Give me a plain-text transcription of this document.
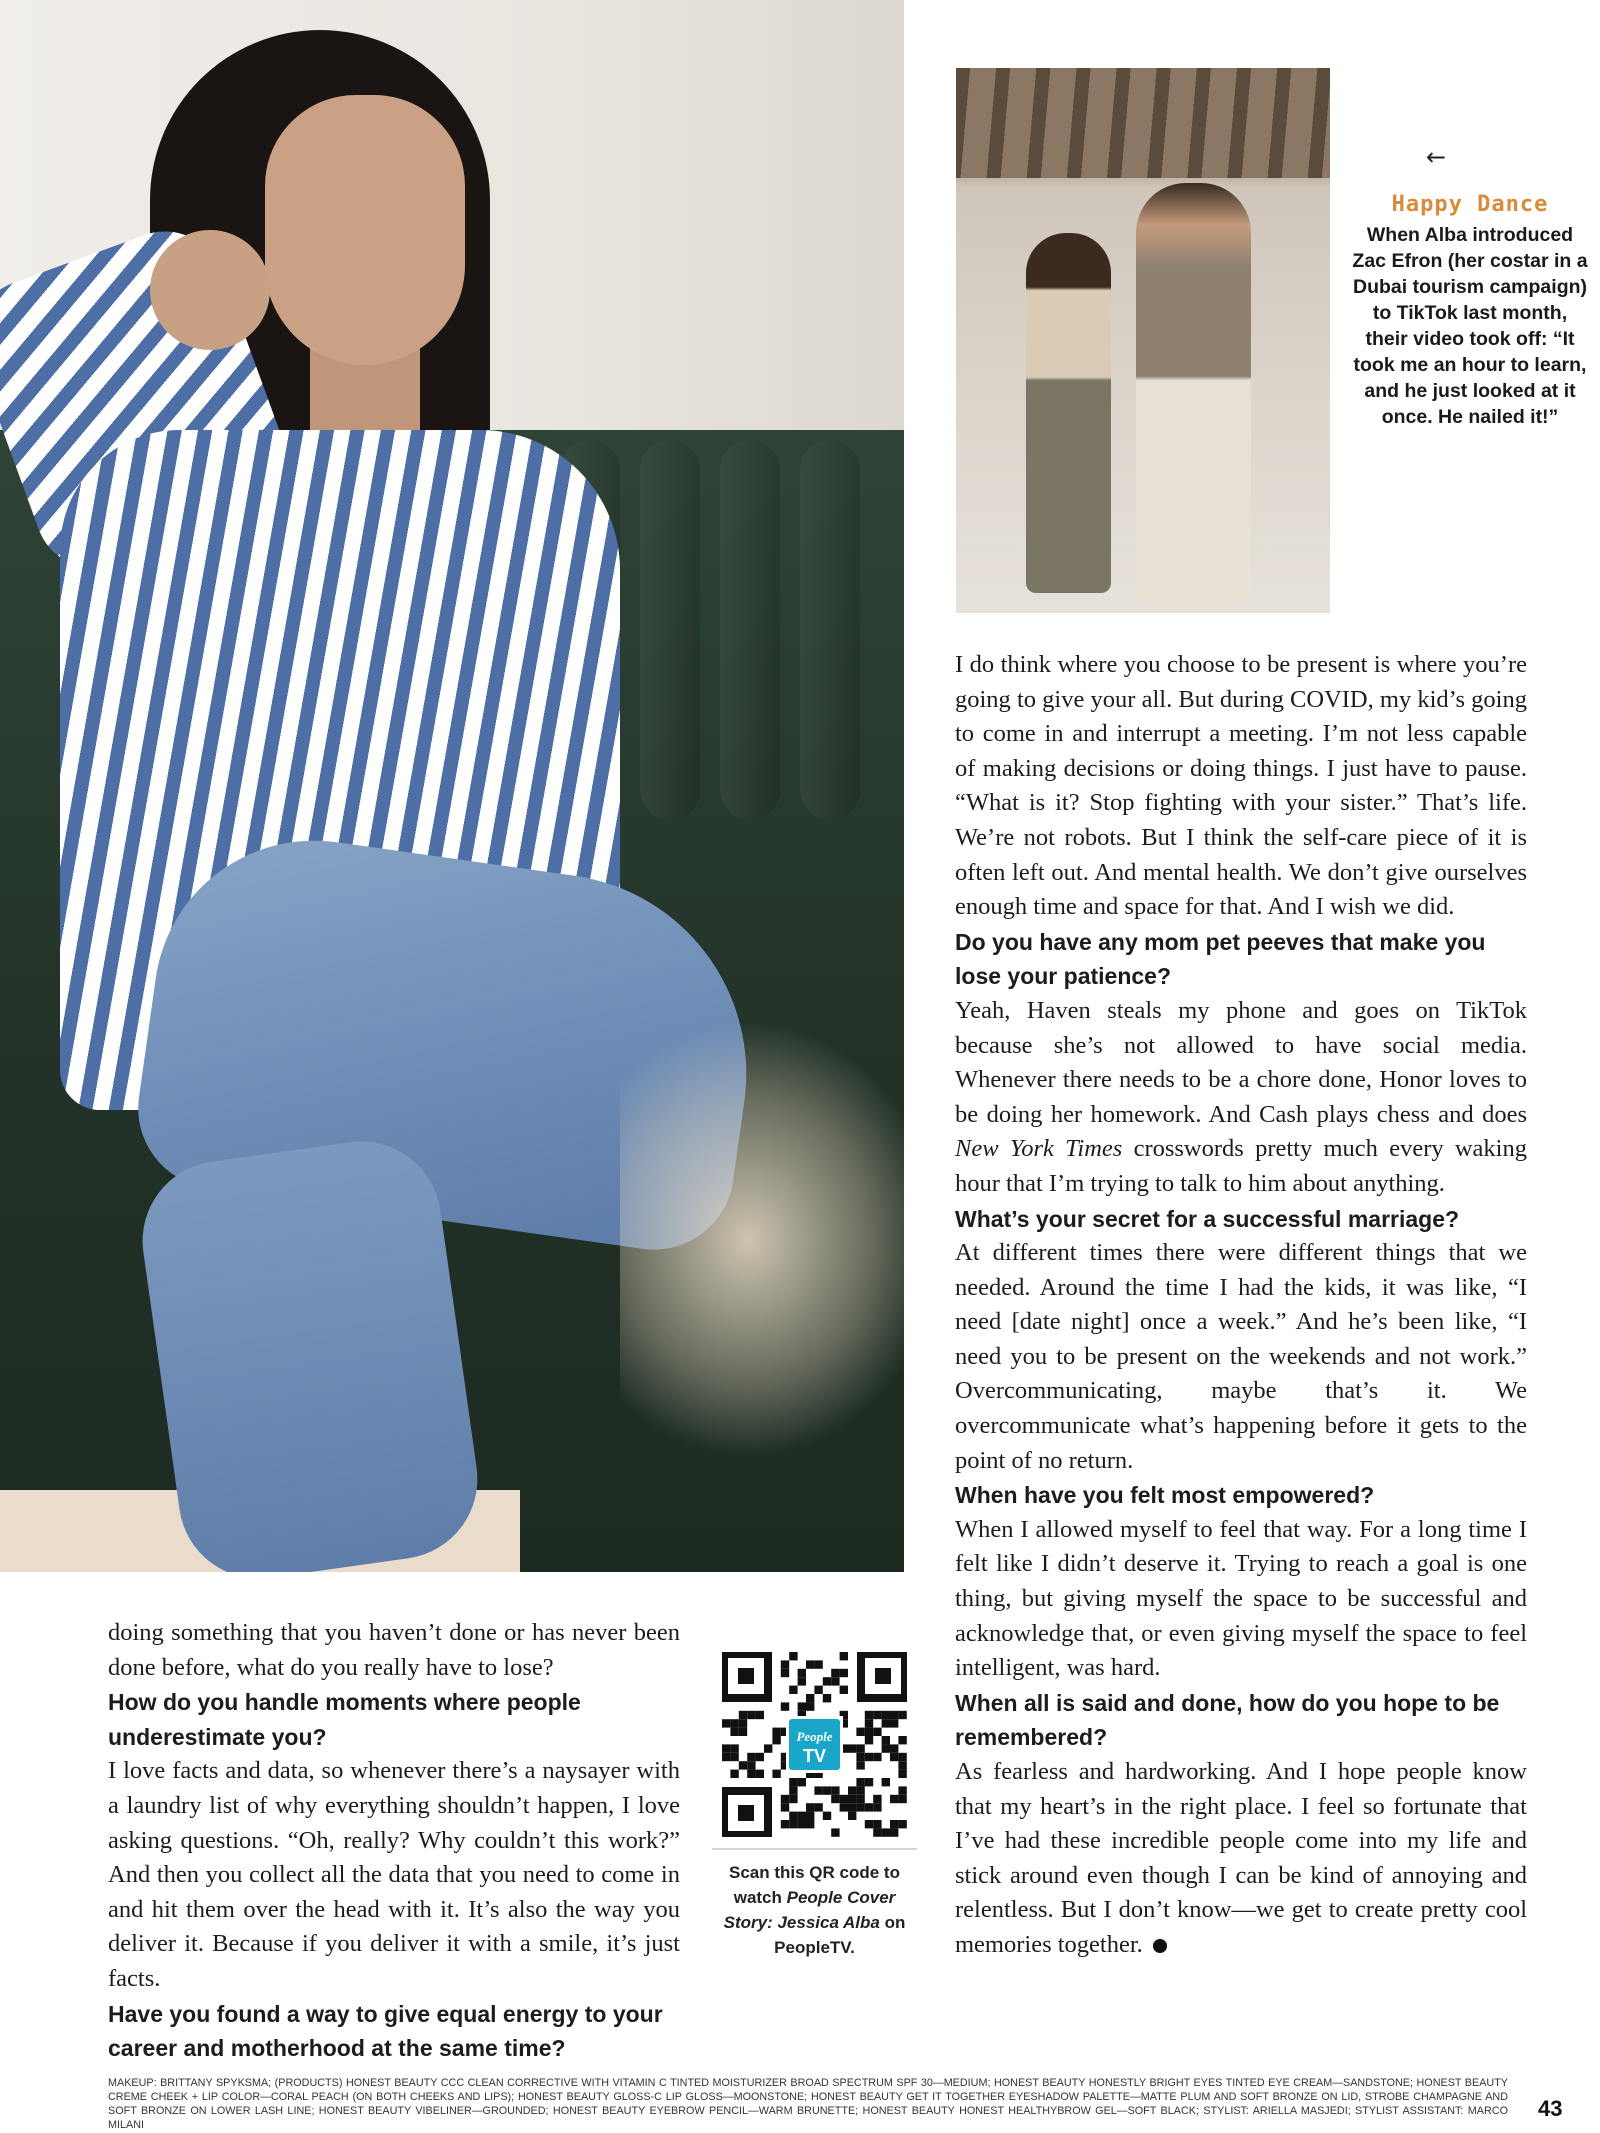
←
Happy Dance
When Alba introduced Zac Efron (her costar in a Dubai tourism campaign) to TikTok last month, their video took off: “It took me an hour to learn, and he just looked at it once. He nailed it!”

I do think where you choose to be present is where you’re going to give your all. But during COVID, my kid’s going to come in and interrupt a meeting. I’m not less capable of making decisions or doing things. I just have to pause. “What is it? Stop fighting with your sister.” That’s life. We’re not robots. But I think the self-care piece of it is often left out. And mental health. We don’t give ourselves enough time and space for that. And I wish we did.

Do you have any mom pet peeves that make you lose your patience?

Yeah, Haven steals my phone and goes on TikTok because she’s not allowed to have social media. Whenever there needs to be a chore done, Honor loves to be doing her homework. And Cash plays chess and does New York Times crosswords pretty much every waking hour that I’m trying to talk to him about anything.

What’s your secret for a successful marriage?

At different times there were different things that we needed. Around the time I had the kids, it was like, “I need [date night] once a week.” And he’s been like, “I need you to be present on the weekends and not work.” Overcommunicating, maybe that’s it. We overcommunicate what’s happening before it gets to the point of no return.

When have you felt most empowered?

When I allowed myself to feel that way. For a long time I felt like I didn’t deserve it. Trying to reach a goal is one thing, but giving myself the space to be successful and acknowledge that, or even giving myself the space to feel intelligent, was hard.

When all is said and done, how do you hope to be remembered?

As fearless and hardworking. And I hope people know that my heart’s in the right place. I feel so fortunate that I’ve had these incredible people come into my life and stick around even though I can be kind of annoying and relentless. But I don’t know—we get to create pretty cool memories together.

doing something that you haven’t done or has never been done before, what do you really have to lose?

How do you handle moments where people underestimate you?

I love facts and data, so whenever there’s a naysayer with a laundry list of why everything shouldn’t happen, I love asking questions. “Oh, really? Why couldn’t this work?” And then you collect all the data that you need to come in and hit them over the head with it. It’s also the way you deliver it. Because if you deliver it with a smile, it’s just facts.

Have you found a way to give equal energy to your career and motherhood at the same time?

People
TV
Scan this QR code to watch People Cover Story: Jessica Alba on PeopleTV.
MAKEUP: BRITTANY SPYKSMA; (PRODUCTS) HONEST BEAUTY CCC CLEAN CORRECTIVE WITH VITAMIN C TINTED MOISTURIZER BROAD SPECTRUM SPF 30—MEDIUM; HONEST BEAUTY HONESTLY BRIGHT EYES TINTED EYE CREAM—SANDSTONE; HONEST BEAUTY CREME CHEEK + LIP COLOR—CORAL PEACH (ON BOTH CHEEKS AND LIPS); HONEST BEAUTY GLOSS-C LIP GLOSS—MOONSTONE; HONEST BEAUTY GET IT TOGETHER EYESHADOW PALETTE—MATTE PLUM AND SOFT BRONZE ON LID, STROBE CHAMPAGNE AND SOFT BRONZE ON LOWER LASH LINE; HONEST BEAUTY VIBELINER—GROUNDED; HONEST BEAUTY EYEBROW PENCIL—WARM BRUNETTE; HONEST BEAUTY HONEST HEALTHYBROW GEL—SOFT BLACK; STYLIST: ARIELLA MASJEDI; STYLIST ASSISTANT: MARCO MILANI
43
